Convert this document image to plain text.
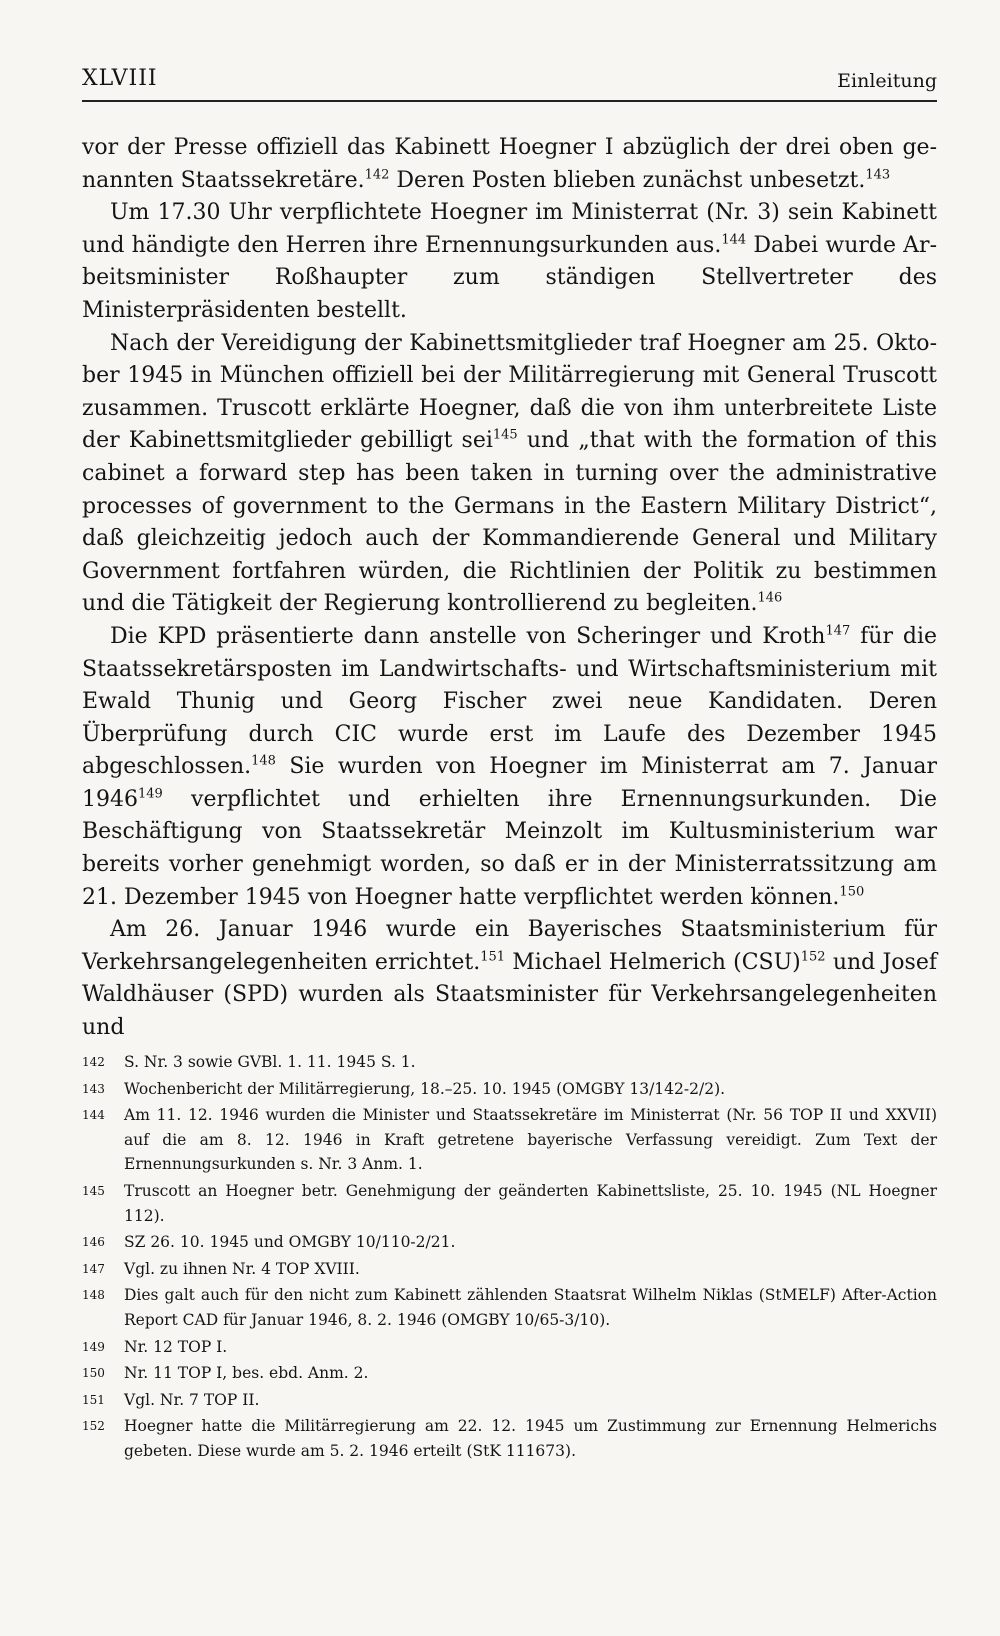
XLVIII	Einleitung

vor der Presse offiziell das Kabinett Hoegner I abzüglich der drei oben genannten Staatssekretäre.$^{142}$ Deren Posten blieben zunächst unbesetzt.$^{143}$

Um 17.30 Uhr verpflichtete Hoegner im Ministerrat (Nr. 3) sein Kabinett und händigte den Herren ihre Ernennungsurkunden aus.$^{144}$ Dabei wurde Arbeitsminister Roßhaupter zum ständigen Stellvertreter des Ministerpräsidenten bestellt.

Nach der Vereidigung der Kabinettsmitglieder traf Hoegner am 25. Oktober 1945 in München offiziell bei der Militärregierung mit General Truscott zusammen. Truscott erklärte Hoegner, daß die von ihm unterbreitete Liste der Kabinettsmitglieder gebilligt sei$^{145}$ und „that with the formation of this cabinet a forward step has been taken in turning over the administrative processes of government to the Germans in the Eastern Military District“, daß gleichzeitig jedoch auch der Kommandierende General und Military Government fortfahren würden, die Richtlinien der Politik zu bestimmen und die Tätigkeit der Regierung kontrollierend zu begleiten.$^{146}$

Die KPD präsentierte dann anstelle von Scheringer und Kroth$^{147}$ für die Staatssekretärsposten im Landwirtschafts- und Wirtschaftsministerium mit Ewald Thunig und Georg Fischer zwei neue Kandidaten. Deren Überprüfung durch CIC wurde erst im Laufe des Dezember 1945 abgeschlossen.$^{148}$ Sie wurden von Hoegner im Ministerrat am 7. Januar 1946$^{149}$ verpflichtet und erhielten ihre Ernennungsurkunden. Die Beschäftigung von Staatssekretär Meinzolt im Kultusministerium war bereits vorher genehmigt worden, so daß er in der Ministerratssitzung am 21. Dezember 1945 von Hoegner hatte verpflichtet werden können.$^{150}$

Am 26. Januar 1946 wurde ein Bayerisches Staatsministerium für Verkehrsangelegenheiten errichtet.$^{151}$ Michael Helmerich (CSU)$^{152}$ und Josef Waldhäuser (SPD) wurden als Staatsminister für Verkehrsangelegenheiten und

142 S. Nr. 3 sowie GVBl. 1. 11. 1945 S. 1.
143 Wochenbericht der Militärregierung, 18.–25. 10. 1945 (OMGBY 13/142-2/2).
144 Am 11. 12. 1946 wurden die Minister und Staatssekretäre im Ministerrat (Nr. 56 TOP II und XXVII) auf die am 8. 12. 1946 in Kraft getretene bayerische Verfassung vereidigt. Zum Text der Ernennungsurkunden s. Nr. 3 Anm. 1.
145 Truscott an Hoegner betr. Genehmigung der geänderten Kabinettsliste, 25. 10. 1945 (NL Hoegner 112).
146 SZ 26. 10. 1945 und OMGBY 10/110-2/21.
147 Vgl. zu ihnen Nr. 4 TOP XVIII.
148 Dies galt auch für den nicht zum Kabinett zählenden Staatsrat Wilhelm Niklas (StMELF) After-Action Report CAD für Januar 1946, 8. 2. 1946 (OMGBY 10/65-3/10).
149 Nr. 12 TOP I.
150 Nr. 11 TOP I, bes. ebd. Anm. 2.
151 Vgl. Nr. 7 TOP II.
152 Hoegner hatte die Militärregierung am 22. 12. 1945 um Zustimmung zur Ernennung Helmerichs gebeten. Diese wurde am 5. 2. 1946 erteilt (StK 111673).
